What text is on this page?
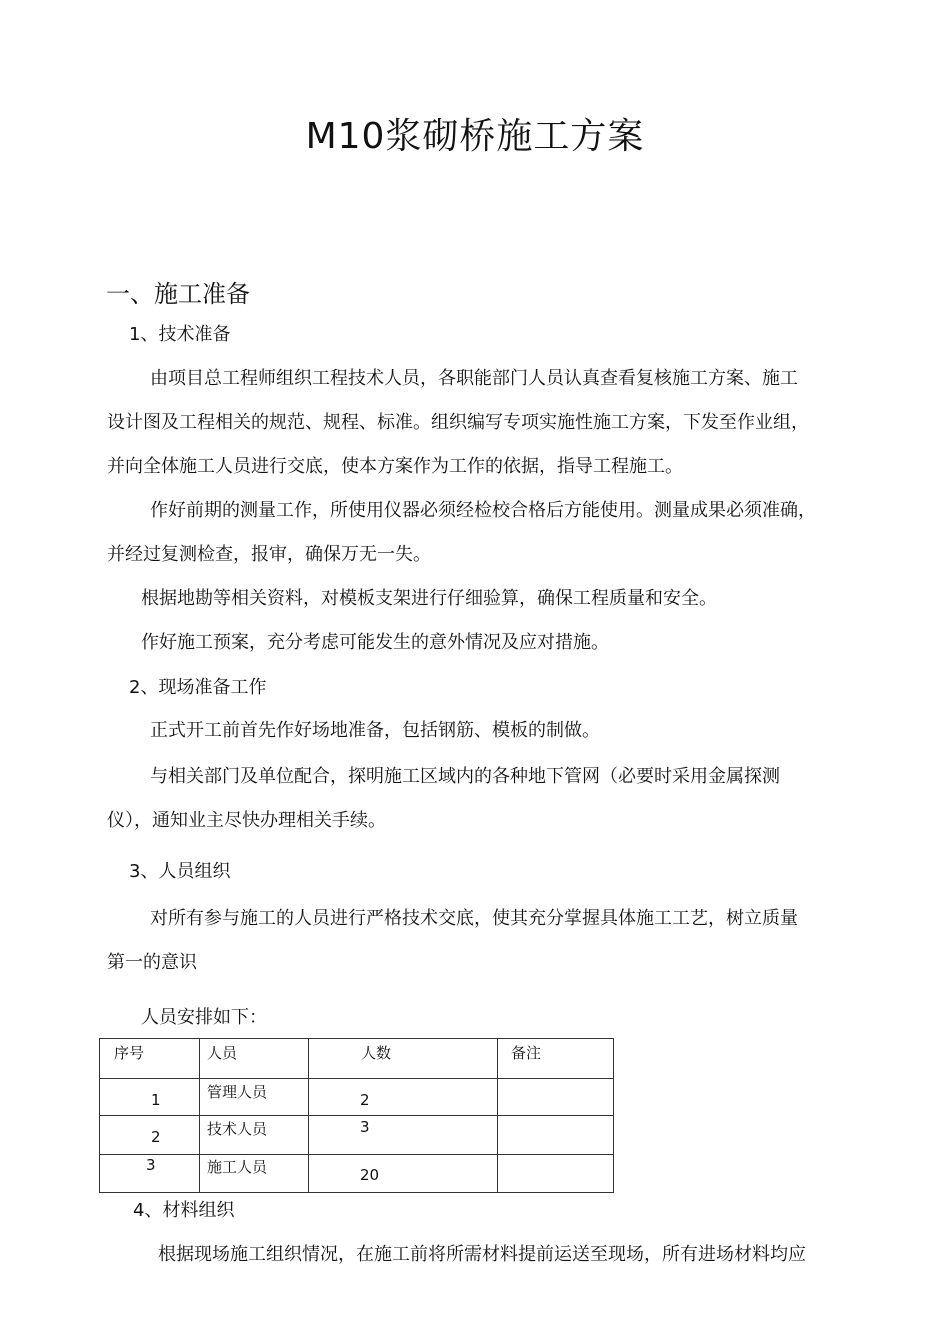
M10浆砌桥施工方案
一、施工准备
1、技术准备
由项目总工程师组织工程技术人员，各职能部门人员认真查看复核施工方案、施工
设计图及工程相关的规范、规程、标准。组织编写专项实施性施工方案，下发至作业组，
并向全体施工人员进行交底，使本方案作为工作的依据，指导工程施工。
作好前期的测量工作，所使用仪器必须经检校合格后方能使用。测量成果必须准确，
并经过复测检查，报审，确保万无一失。
根据地勘等相关资料，对模板支架进行仔细验算，确保工程质量和安全。
作好施工预案，充分考虑可能发生的意外情况及应对措施。
2、现场准备工作
正式开工前首先作好场地准备，包括钢筋、模板的制做。
与相关部门及单位配合，探明施工区域内的各种地下管网（必要时采用金属探测
仪），通知业主尽快办理相关手续。
3、人员组织
对所有参与施工的人员进行严格技术交底，使其充分掌握具体施工工艺，树立质量
第一的意识
人员安排如下：
序号	人员	人数	备注

1	管理人员	2	

2	技术人员	3	

3	施工人员	20	

4、材料组织
根据现场施工组织情况，在施工前将所需材料提前运送至现场，所有进场材料均应
